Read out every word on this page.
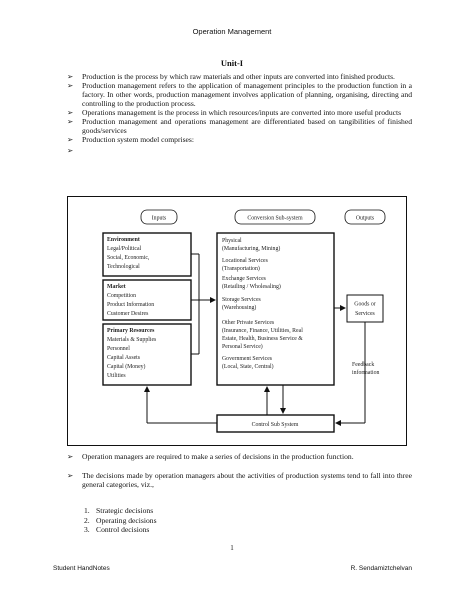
Operation Management
Unit-I
➢ Production is the process by which raw materials and other inputs are converted into finished products.
➢ Production management refers to the application of management principles to the production function in a factory. In other words, production management involves application of planning, organising, directing and controlling to the production process.
➢ Operations management is the process in which resources/inputs are converted into more useful products
➢ Production management and operations management are differentiated based on tangibilities of finished goods/services
➢ Production system model comprises:
➢

Inputs	Conversion Sub-system	Outputs
Environment
Legal/Political
Social, Economic,
Technological
Market
Competition
Product Information
Customer Desires
Primary Resources
Materials & Supplies
Personnel
Capital Assets
Capital (Money)
Utilities
Physical
(Manufacturing, Mining)
Locational Services
(Transportation)
Exchange Services
(Retailing / Wholesaling)
Storage Services
(Warehousing)
Other Private Services
(Insurance, Finance, Utilities, Real
Estate, Health, Business Service &
Personal Service)
Government Services
(Local, State, Central)
Goods or
Services
Feedback
information
Control Sub System
➢ Operation managers are required to make a series of decisions in the production function.
➢ The decisions made by operation managers about the activities of production systems tend to fall into three general categories, viz.,
1. Strategic decisions
2. Operating decisions
3. Control decisions
1
Student HandNotes	R. Sendamiztchelvan
